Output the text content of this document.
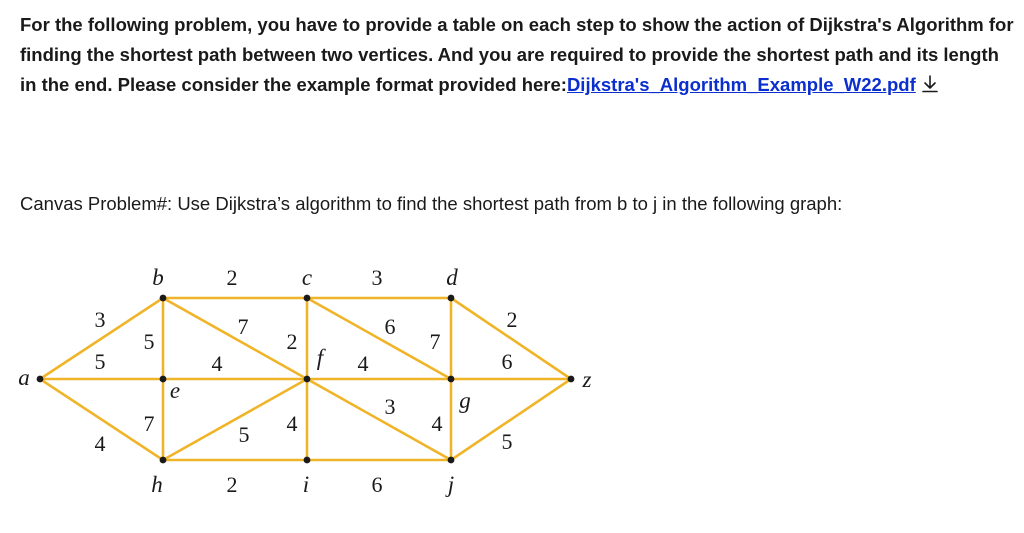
For the following problem, you have to provide a table on each step to show the action of Dijkstra's Algorithm for finding the shortest path between two vertices. And you are required to provide the shortest path and its length in the end. Please consider the example format provided here:Dijkstra's_Algorithm_Example_W22.pdf

Canvas Problem#: Use Dijkstra’s algorithm to find the shortest path from b to j in the following graph:

3
5
4
2
5
7
3
2
6
7
2
4
7
4
5 4
3
6
4
2	6
5
a
b	c	d
e
f
g
h	i	j
z
